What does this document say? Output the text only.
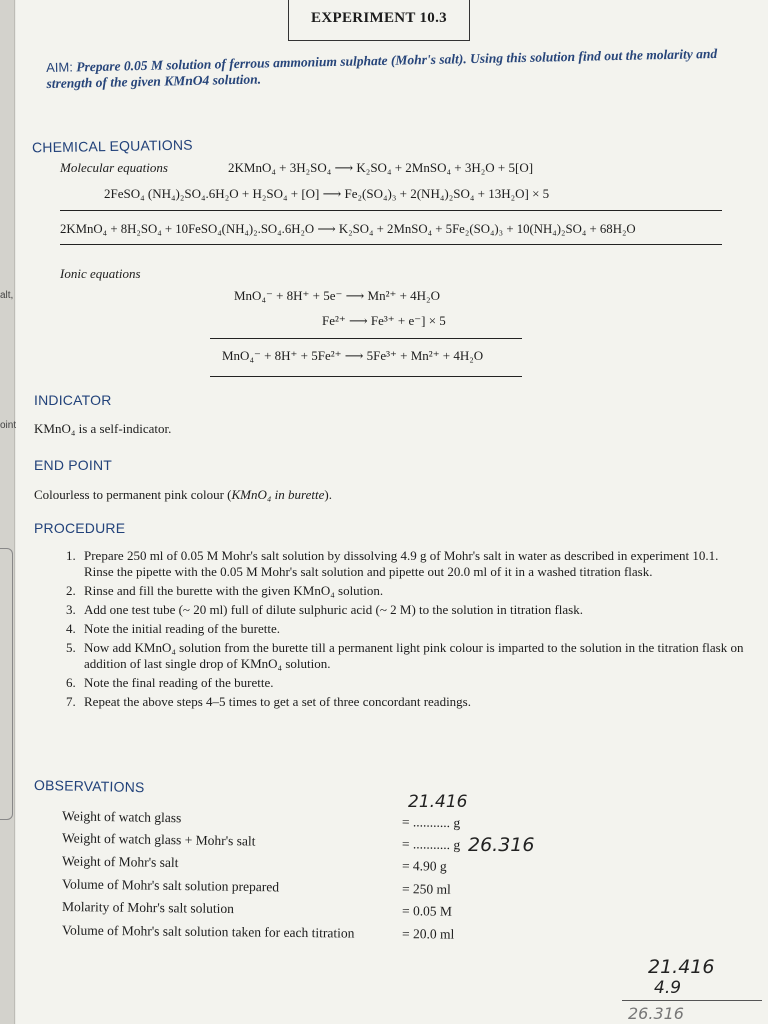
alt,
oint
EXPERIMENT 10.3
AIM: Prepare 0.05 M solution of ferrous ammonium sulphate (Mohr's salt). Using this solution find out the molarity and strength of the given KMnO4 solution.
CHEMICAL EQUATIONS
Molecular equations	2KMnO₄ + 3H₂SO₄ ⟶ K₂SO₄ + 2MnSO₄ + 3H₂O + 5[O]
2FeSO₄ (NH₄)₂SO₄.6H₂O + H₂SO₄ + [O] ⟶ Fe₂(SO₄)₃ + 2(NH₄)₂SO₄ + 13H₂O] × 5
2KMnO₄ + 8H₂SO₄ + 10FeSO₄(NH₄)₂.SO₄.6H₂O ⟶ K₂SO₄ + 2MnSO₄ + 5Fe₂(SO₄)₃ + 10(NH₄)₂SO₄ + 68H₂O
Ionic equations
MnO₄⁻ + 8H⁺ + 5e⁻ ⟶ Mn²⁺ + 4H₂O
Fe²⁺ ⟶ Fe³⁺ + e⁻] × 5
MnO₄⁻ + 8H⁺ + 5Fe²⁺ ⟶ 5Fe³⁺ + Mn²⁺ + 4H₂O
INDICATOR
KMnO₄ is a self-indicator.
END POINT
Colourless to permanent pink colour (KMnO₄ in burette).
PROCEDURE
1. Prepare 250 ml of 0.05 M Mohr's salt solution by dissolving 4.9 g of Mohr's salt in water as described in experiment 10.1. Rinse the pipette with the 0.05 M Mohr's salt solution and pipette out 20.0 ml of it in a washed titration flask.
2. Rinse and fill the burette with the given KMnO₄ solution.
3. Add one test tube (~ 20 ml) full of dilute sulphuric acid (~ 2 M) to the solution in titration flask.
4. Note the initial reading of the burette.
5. Now add KMnO₄ solution from the burette till a permanent light pink colour is imparted to the solution in the titration flask on addition of last single drop of KMnO₄ solution.
6. Note the final reading of the burette.
7. Repeat the above steps 4–5 times to get a set of three concordant readings.
OBSERVATIONS
Weight of watch glass	= ........... g
Weight of watch glass + Mohr's salt	= ........... g
Weight of Mohr's salt	= 4.90 g
Volume of Mohr's salt solution prepared	= 250 ml
Molarity of Mohr's salt solution	= 0.05 M
Volume of Mohr's salt solution taken for each titration	= 20.0 ml
21.416
26.316
21.416
4.9
26.316
